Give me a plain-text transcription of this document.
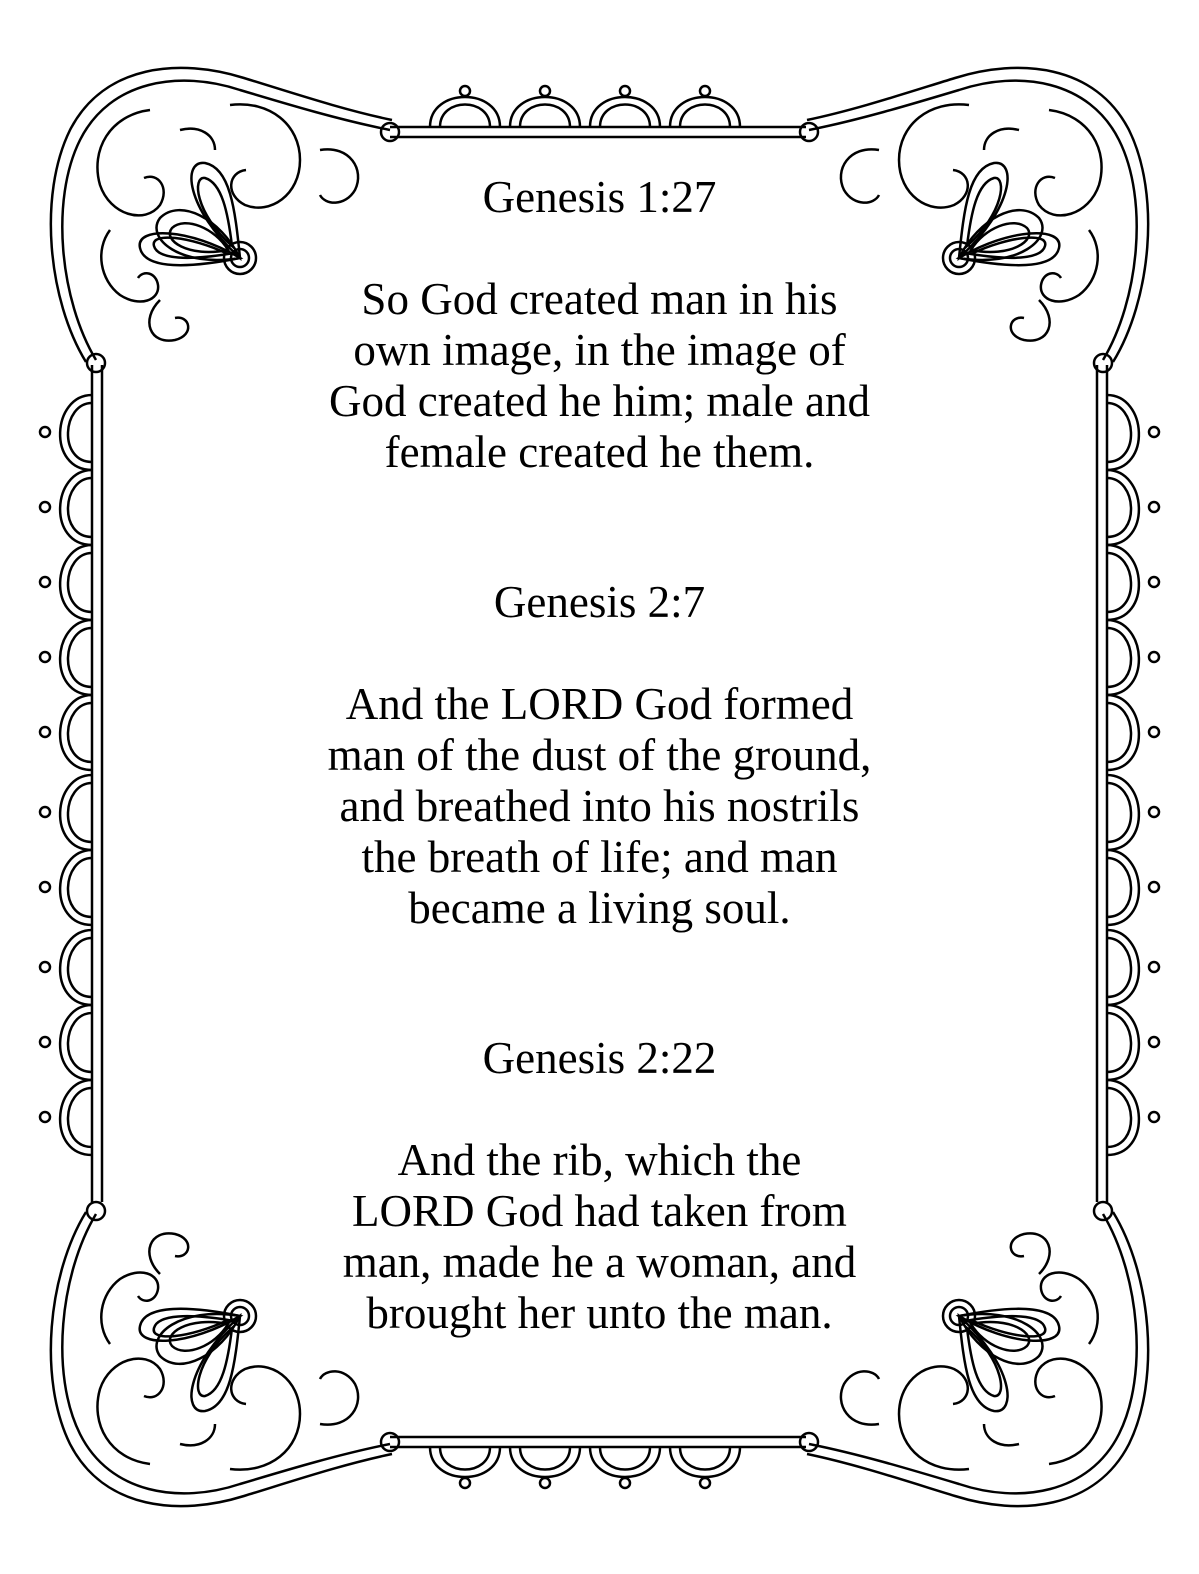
Genesis 1:27
So God created man in his
own image, in the image of
God created he him; male and
female created he them.
Genesis 2:7
And the LORD God formed
man of the dust of the ground,
and breathed into his nostrils
the breath of life; and man
became a living soul.
Genesis 2:22
And the rib, which the
LORD God had taken from
man, made he a woman, and
brought her unto the man.
